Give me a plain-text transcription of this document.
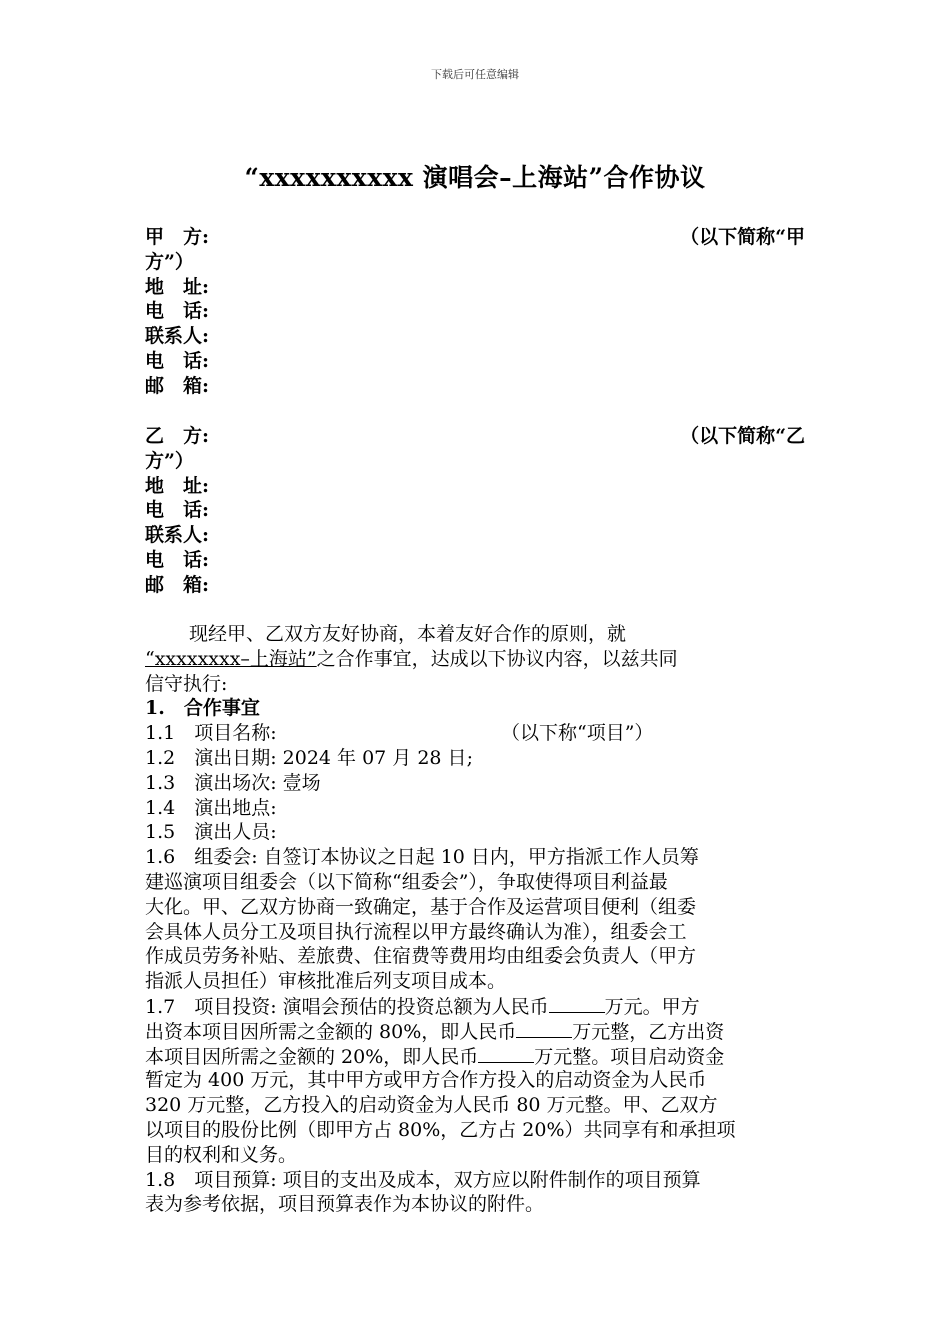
下载后可任意编辑
“xxxxxxxxxx 演唱会–上海站”合作协议
甲　方:	（以下简称“甲
方”）
地　址:
电　话:
联系人:
电　话:
邮　箱:
乙　方:	（以下简称“乙
方”）
地　址:
电　话:
联系人:
电　话:
邮　箱:
现经甲、乙双方友好协商，本着友好合作的原则，就
“xxxxxxxx–上海站”之合作事宜，达成以下协议内容，以兹共同
信守执行:
1.　合作事宜
1.1　项目名称:	（以下称“项目”）
1.2　演出日期: 2024 年 07 月 28 日;
1.3　演出场次: 壹场
1.4　演出地点:
1.5　演出人员:
1.6　组委会: 自签订本协议之日起 10 日内，甲方指派工作人员筹
建巡演项目组委会（以下简称“组委会”），争取使得项目利益最
大化。甲、乙双方协商一致确定，基于合作及运营项目便利（组委
会具体人员分工及项目执行流程以甲方最终确认为准），组委会工
作成员劳务补贴、差旅费、住宿费等费用均由组委会负责人（甲方
指派人员担任）审核批准后列支项目成本。
1.7　项目投资: 演唱会预估的投资总额为人民币	万元。甲方
出资本项目因所需之金额的 80%，即人民币	万元整，乙方出资
本项目因所需之金额的 20%，即人民币	万元整。项目启动资金
暂定为 400 万元，其中甲方或甲方合作方投入的启动资金为人民币
320 万元整，乙方投入的启动资金为人民币 80 万元整。甲、乙双方
以项目的股份比例（即甲方占 80%，乙方占 20%）共同享有和承担项
目的权利和义务。
1.8　项目预算: 项目的支出及成本，双方应以附件制作的项目预算
表为参考依据，项目预算表作为本协议的附件。
